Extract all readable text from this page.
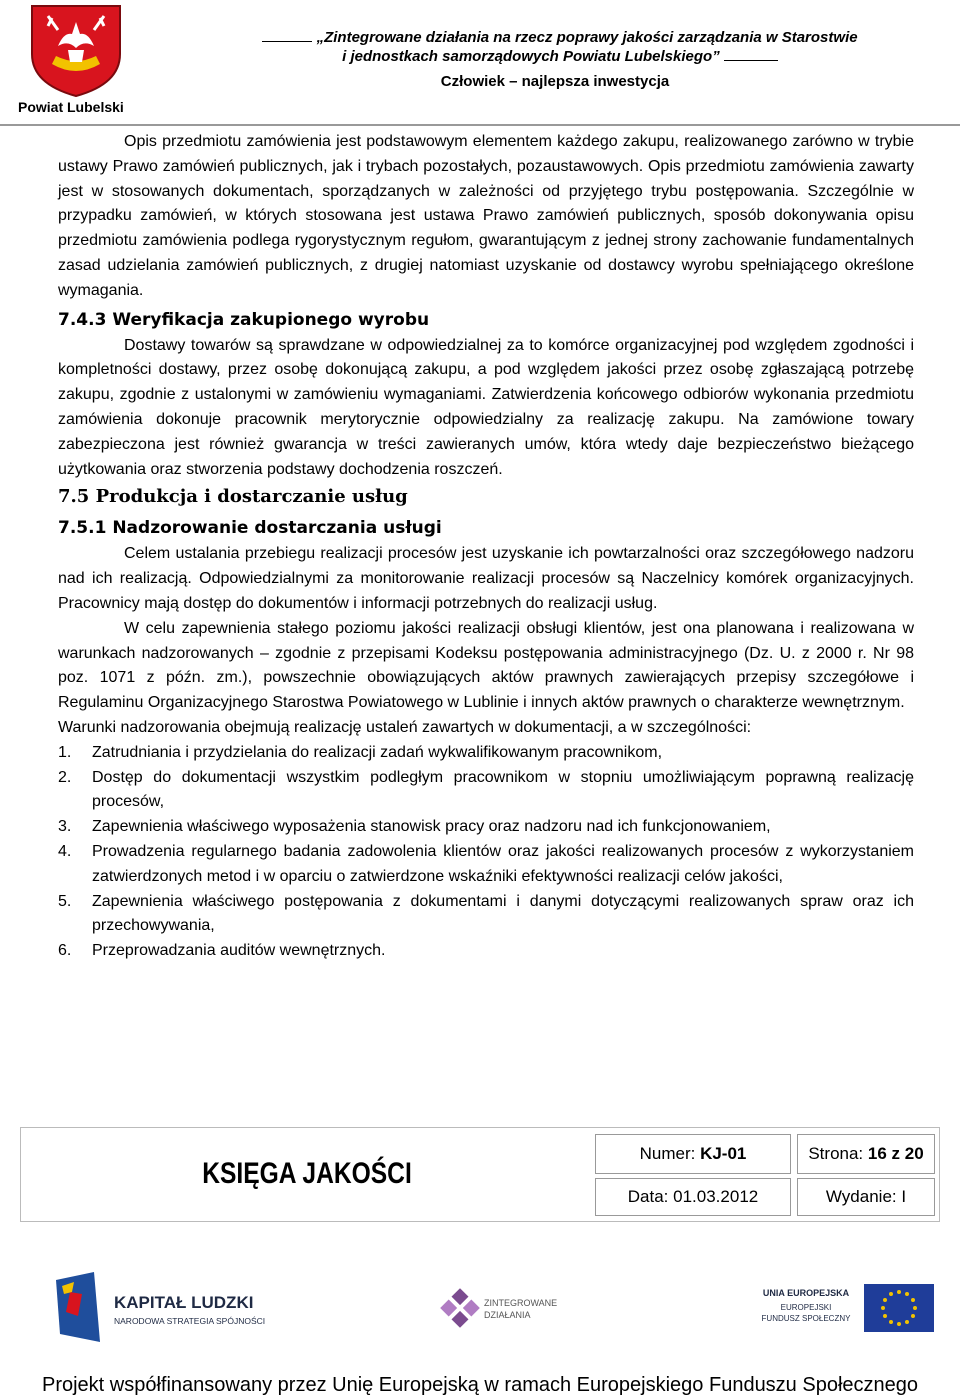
Powiat Lubelski
„Zintegrowane działania na rzecz poprawy jakości zarządzania w Starostwie
i jednostkach samorządowych Powiatu Lubelskiego”
Człowiek – najlepsza inwestycja

Opis przedmiotu zamówienia jest podstawowym elementem każdego zakupu, realizowanego zarówno w trybie ustawy Prawo zamówień publicznych, jak i trybach pozostałych, pozaustawowych. Opis przedmiotu zamówienia zawarty jest w stosowanych dokumentach, sporządzanych w zależności od przyjętego trybu postępowania. Szczególnie w przypadku zamówień, w których stosowana jest ustawa Prawo zamówień publicznych, sposób dokonywania opisu przedmiotu zamówienia podlega rygorystycznym regułom, gwarantującym z jednej strony zachowanie fundamentalnych zasad udzielania zamówień publicznych, z drugiej natomiast uzyskanie od dostawcy wyrobu spełniającego określone wymagania.

7.4.3 Weryfikacja zakupionego wyrobu

Dostawy towarów są sprawdzane w odpowiedzialnej za to komórce organizacyjnej pod względem zgodności i kompletności dostawy, przez osobę dokonującą zakupu, a pod względem jakości przez osobę zgłaszającą potrzebę zakupu, zgodnie z ustalonymi w zamówieniu wymaganiami. Zatwierdzenia końcowego odbiorów wykonania przedmiotu zamówienia dokonuje pracownik merytorycznie odpowiedzialny za realizację zakupu. Na zamówione towary zabezpieczona jest również gwarancja w treści zawieranych umów, która wtedy daje bezpieczeństwo bieżącego użytkowania oraz stworzenia podstawy dochodzenia roszczeń.

7.5 Produkcja i dostarczanie usług
7.5.1 Nadzorowanie dostarczania usługi

Celem ustalania przebiegu realizacji procesów jest uzyskanie ich powtarzalności oraz szczegółowego nadzoru nad ich realizacją. Odpowiedzialnymi za monitorowanie realizacji procesów są Naczelnicy komórek organizacyjnych. Pracownicy mają dostęp do dokumentów i informacji potrzebnych do realizacji usług.

W celu zapewnienia stałego poziomu jakości realizacji obsługi klientów, jest ona planowana i realizowana w warunkach nadzorowanych – zgodnie z przepisami Kodeksu postępowania administracyjnego (Dz. U. z 2000 r. Nr 98 poz. 1071 z późn. zm.), powszechnie obowiązujących aktów prawnych zawierających przepisy szczegółowe i Regulaminu Organizacyjnego Starostwa Powiatowego w Lublinie i innych aktów prawnych o charakterze wewnętrznym.

Warunki nadzorowania obejmują realizację ustaleń zawartych w dokumentacji, a w szczególności:

1. Zatrudniania i przydzielania do realizacji zadań wykwalifikowanym pracownikom,
2. Dostęp do dokumentacji wszystkim podległym pracownikom w stopniu umożliwiającym poprawną realizację procesów,
3. Zapewnienia właściwego wyposażenia stanowisk pracy oraz nadzoru nad ich funkcjonowaniem,
4. Prowadzenia regularnego badania zadowolenia klientów oraz jakości realizowanych procesów z wykorzystaniem zatwierdzonych metod i w oparciu o zatwierdzone wskaźniki efektywności realizacji celów jakości,
5. Zapewnienia właściwego postępowania z dokumentami i danymi dotyczącymi realizowanych spraw oraz ich przechowywania,
6. Przeprowadzania auditów wewnętrznych.
KSIĘGA JAKOŚCI
Numer:
KJ-01	Strona:
16 z 20
Data:
01.03.2012	Wydanie:
I
KAPITAŁ LUDZKI
NARODOWA STRATEGIA SPÓJNOŚCI
ZINTEGROWANE
DZIAŁANIA
UNIA EUROPEJSKA
EUROPEJSKI
FUNDUSZ SPOŁECZNY
Projekt współfinansowany przez Unię Europejską w ramach Europejskiego Funduszu Społecznego
